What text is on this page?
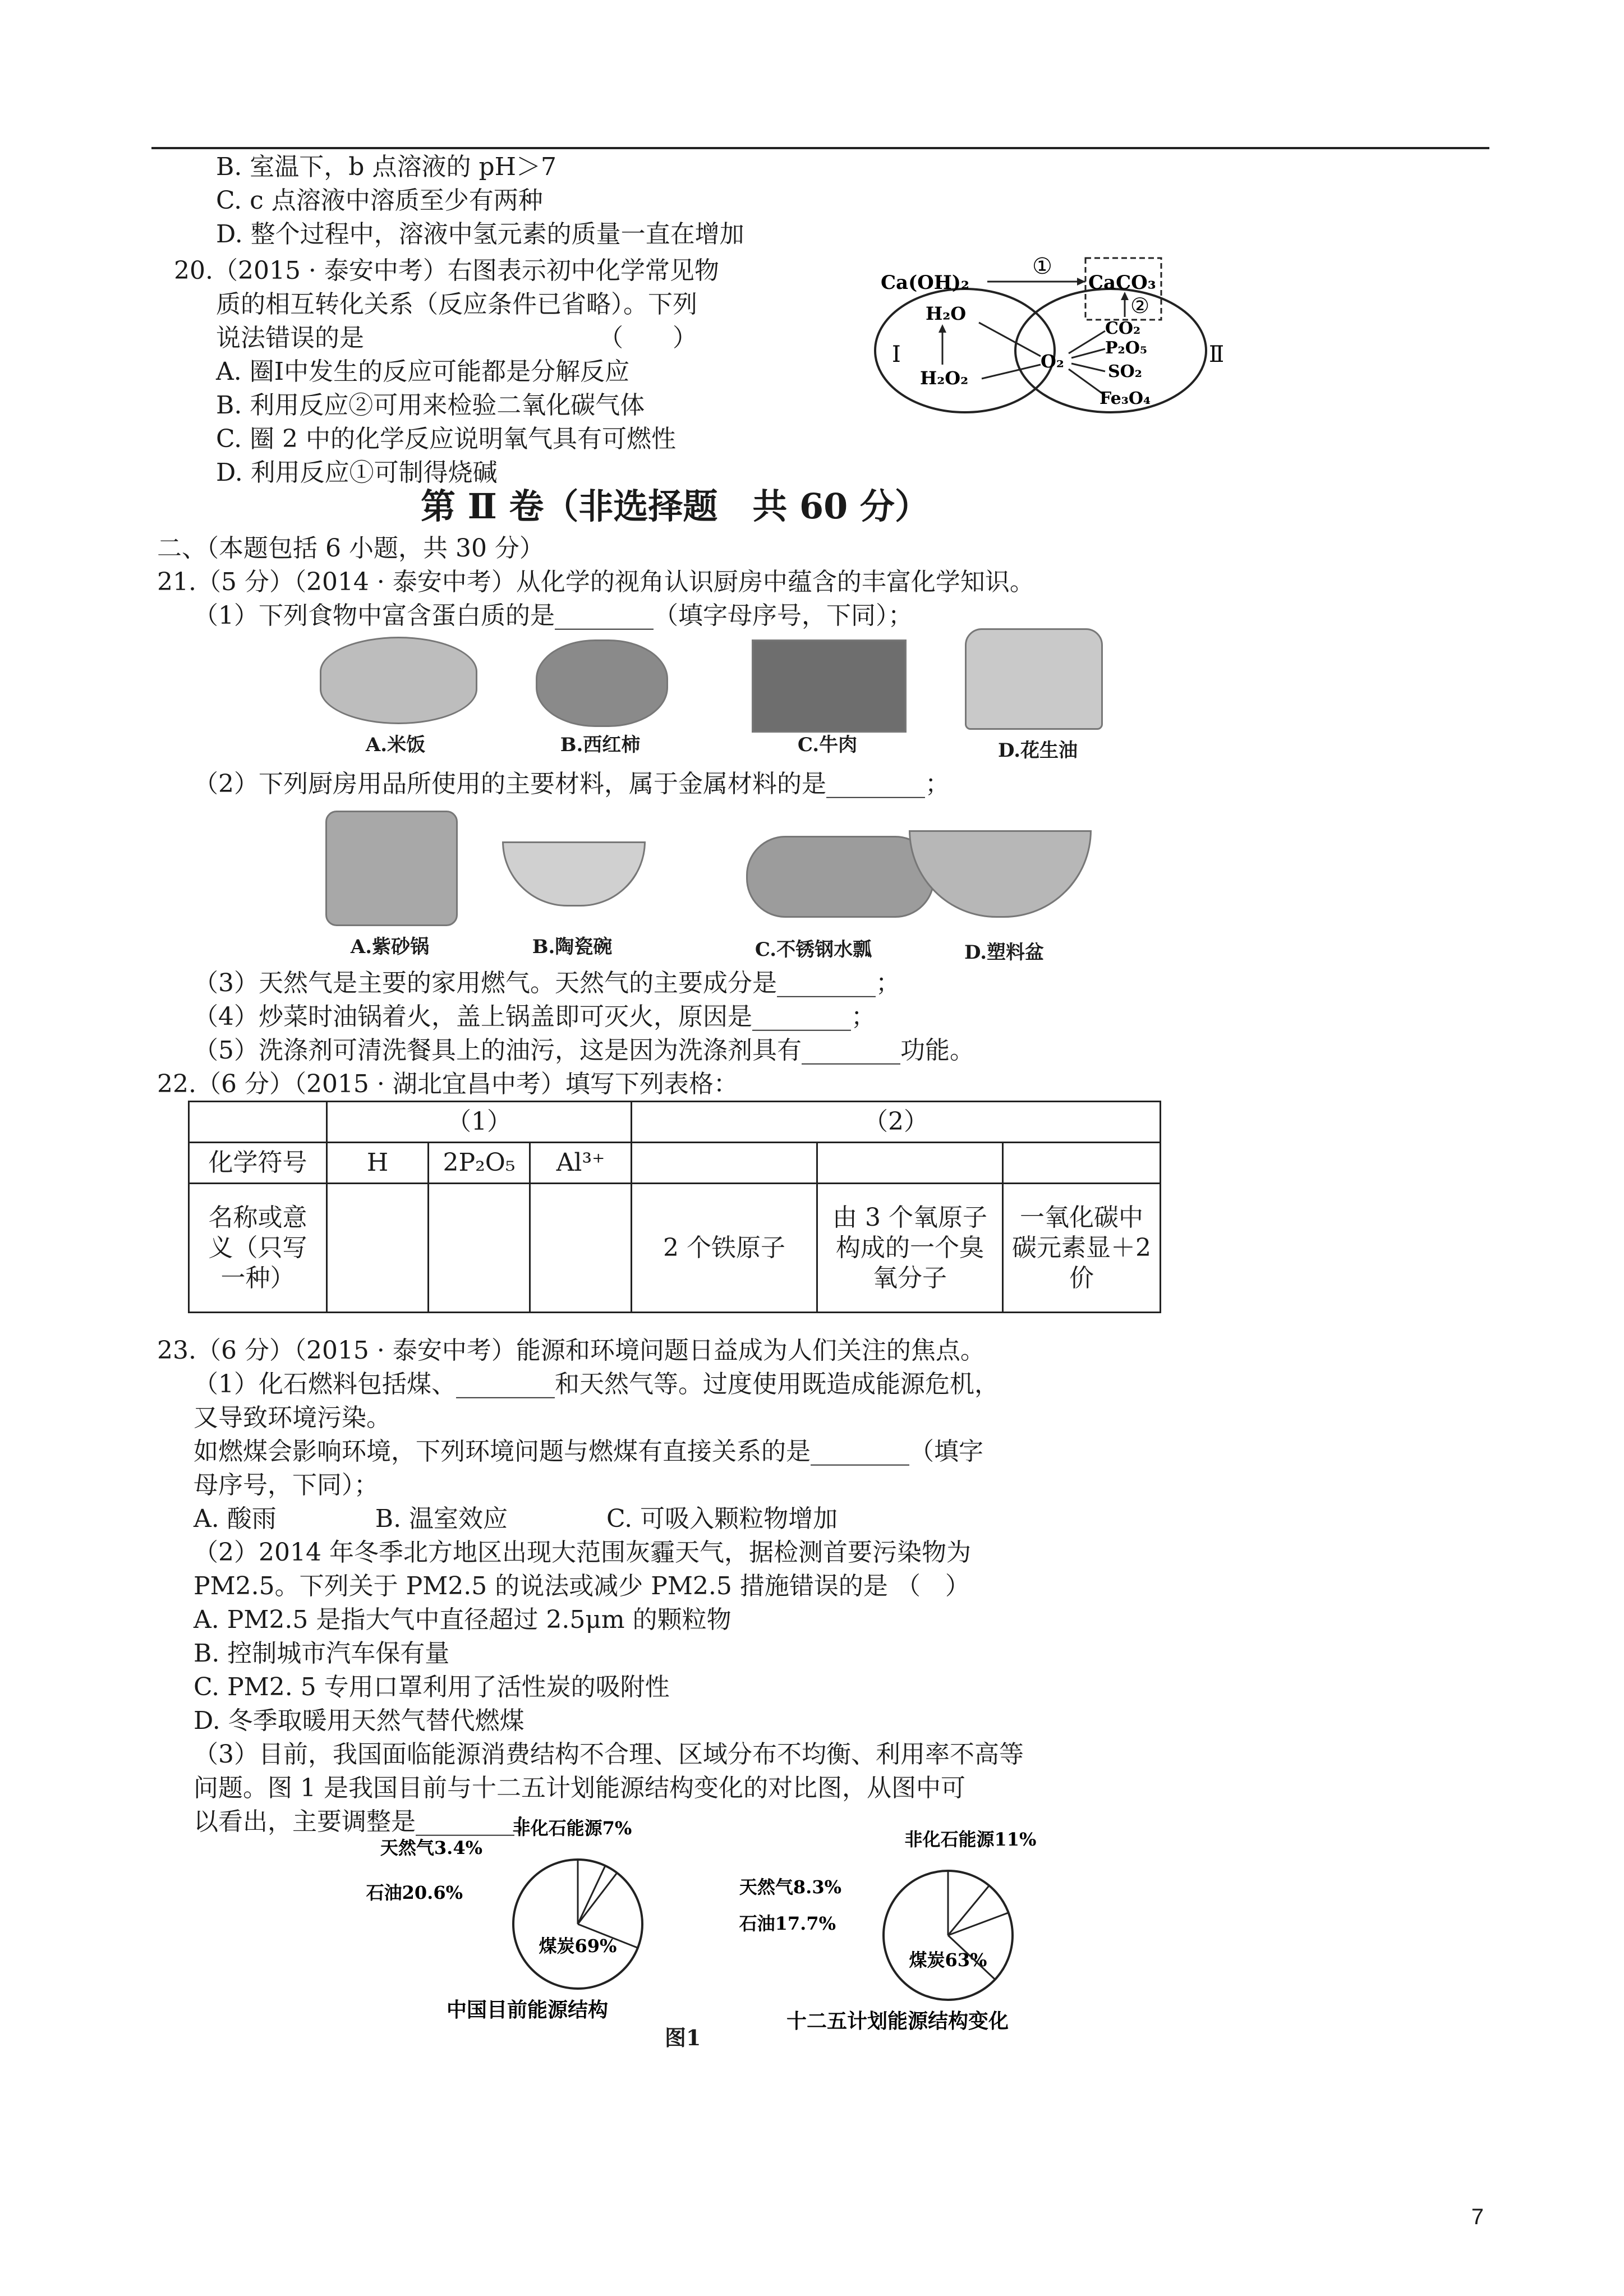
B. 室温下，b 点溶液的 pH＞7
C. c 点溶液中溶质至少有两种
D. 整个过程中，溶液中氢元素的质量一直在增加
20.（2015 · 泰安中考）右图表示初中化学常见物
质的相互转化关系（反应条件已省略）。下列
说法错误的是　　　　　　　　　　（　　）
A. 圈Ⅰ中发生的反应可能都是分解反应
B. 利用反应②可用来检验二氧化碳气体
C. 圈 2 中的化学反应说明氧气具有可燃性
D. 利用反应①可制得烧碱
Ca(OH)₂
①
CaCO₃
②
H₂O
H₂O₂
O₂
CO₂
P₂O₅
SO₂
Fe₃O₄
Ⅰ	Ⅱ
第 Ⅱ 卷（非选择题　共 60 分）
二、（本题包括 6 小题，共 30 分）
21.（5 分）（2014 · 泰安中考）从化学的视角认识厨房中蕴含的丰富化学知识。
（1）下列食物中富含蛋白质的是________（填字母序号，下同）；
A.米饭	B.西红柿	C.牛肉	D.花生油
（2）下列厨房用品所使用的主要材料，属于金属材料的是________；
A.紫砂锅	B.陶瓷碗	C.不锈钢水瓢	D.塑料盆
（3）天然气是主要的家用燃气。天然气的主要成分是________；
（4）炒菜时油锅着火，盖上锅盖即可灭火，原因是________；
（5）洗涤剂可清洗餐具上的油污，这是因为洗涤剂具有________功能。
22.（6 分）（2015 · 湖北宜昌中考）填写下列表格：
	（1）			（2）		
化学符号	H	2P₂O₅	Al³⁺			
名称或意义（只写一种）				2 个铁原子	由 3 个氧原子构成的一个臭氧分子	一氧化碳中碳元素显＋2 价
23.（6 分）（2015 · 泰安中考）能源和环境问题日益成为人们关注的焦点。
（1）化石燃料包括煤、________和天然气等。过度使用既造成能源危机，
又导致环境污染。
如燃煤会影响环境，下列环境问题与燃煤有直接关系的是________（填字
母序号，下同）；
A. 酸雨　　　　B. 温室效应　　　　C. 可吸入颗粒物增加
（2）2014 年冬季北方地区出现大范围灰霾天气，据检测首要污染物为
PM2.5。下列关于 PM2.5 的说法或减少 PM2.5 措施错误的是 （　）
A. PM2.5 是指大气中直径超过 2.5μm 的颗粒物
B. 控制城市汽车保有量
C. PM2. 5 专用口罩利用了活性炭的吸附性
D. 冬季取暖用天然气替代燃煤
（3）目前，我国面临能源消费结构不合理、区域分布不均衡、利用率不高等
问题。图 1 是我国目前与十二五计划能源结构变化的对比图，从图中可
以看出，主要调整是________；
煤炭69%
石油20.6%
天然气3.4%
非化石能源7%
煤炭63%
石油17.7%
天然气8.3%
非化石能源11%
中国目前能源结构	十二五计划能源结构变化
图1
7
